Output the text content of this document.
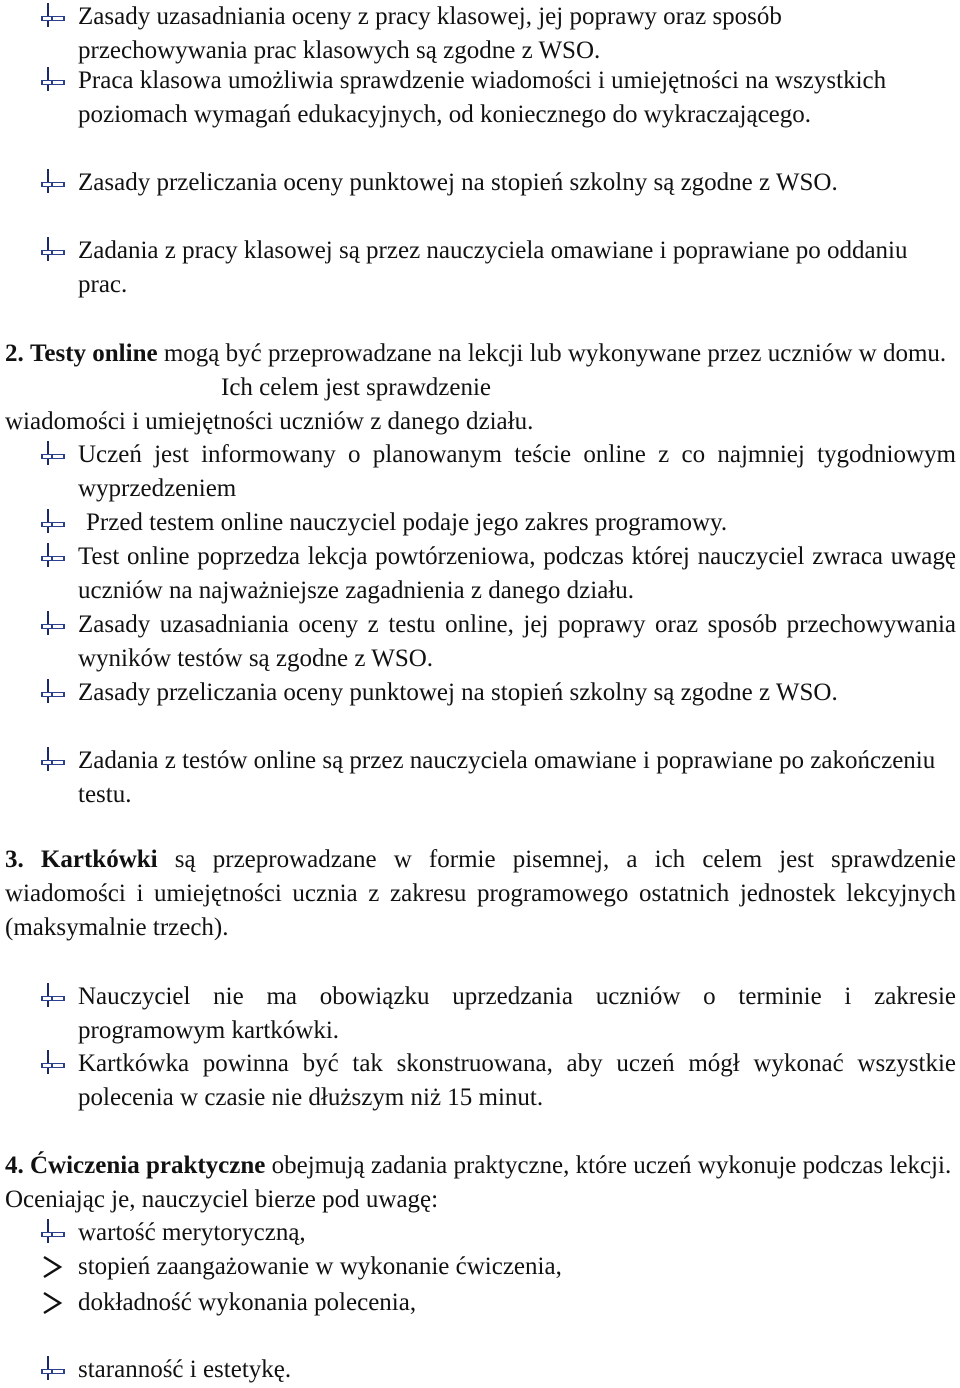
Zasady uzasadniania oceny z pracy klasowej, jej poprawy oraz sposób przechowywania prac klasowych są zgodne z WSO.
Praca klasowa umożliwia sprawdzenie wiadomości i umiejętności na wszystkich poziomach wymagań edukacyjnych, od koniecznego do wykraczającego.
Zasady przeliczania oceny punktowej na stopień szkolny są zgodne z WSO.
Zadania z pracy klasowej są przez nauczyciela omawiane i poprawiane po oddaniu prac.
2. Testy online mogą być przeprowadzane na lekcji lub wykonywane przez uczniów w domu.
Ich celem jest sprawdzenie
wiadomości i umiejętności uczniów z danego działu.
Uczeń jest informowany o planowanym teście online z co najmniej tygodniowym wyprzedzeniem
Przed testem online nauczyciel podaje jego zakres programowy.
Test online poprzedza lekcja powtórzeniowa, podczas której nauczyciel zwraca uwagę uczniów na najważniejsze zagadnienia z danego działu.
Zasady uzasadniania oceny z testu online, jej poprawy oraz sposób przechowywania wyników testów są zgodne z WSO.
Zasady przeliczania oceny punktowej na stopień szkolny są zgodne z WSO.
Zadania z testów online są przez nauczyciela omawiane i poprawiane po zakończeniu testu.
3. Kartkówki są przeprowadzane w formie pisemnej, a ich celem jest sprawdzenie wiadomości i umiejętności ucznia z zakresu programowego ostatnich jednostek lekcyjnych (maksymalnie trzech).
Nauczyciel nie ma obowiązku uprzedzania uczniów o terminie i zakresie programowym kartkówki.
Kartkówka powinna być tak skonstruowana, aby uczeń mógł wykonać wszystkie polecenia w czasie nie dłuższym niż 15 minut.
4. Ćwiczenia praktyczne obejmują zadania praktyczne, które uczeń wykonuje podczas lekcji. Oceniając je, nauczyciel bierze pod uwagę:
wartość merytoryczną,
stopień zaangażowanie w wykonanie ćwiczenia,
dokładność wykonania polecenia,
staranność i estetykę.
